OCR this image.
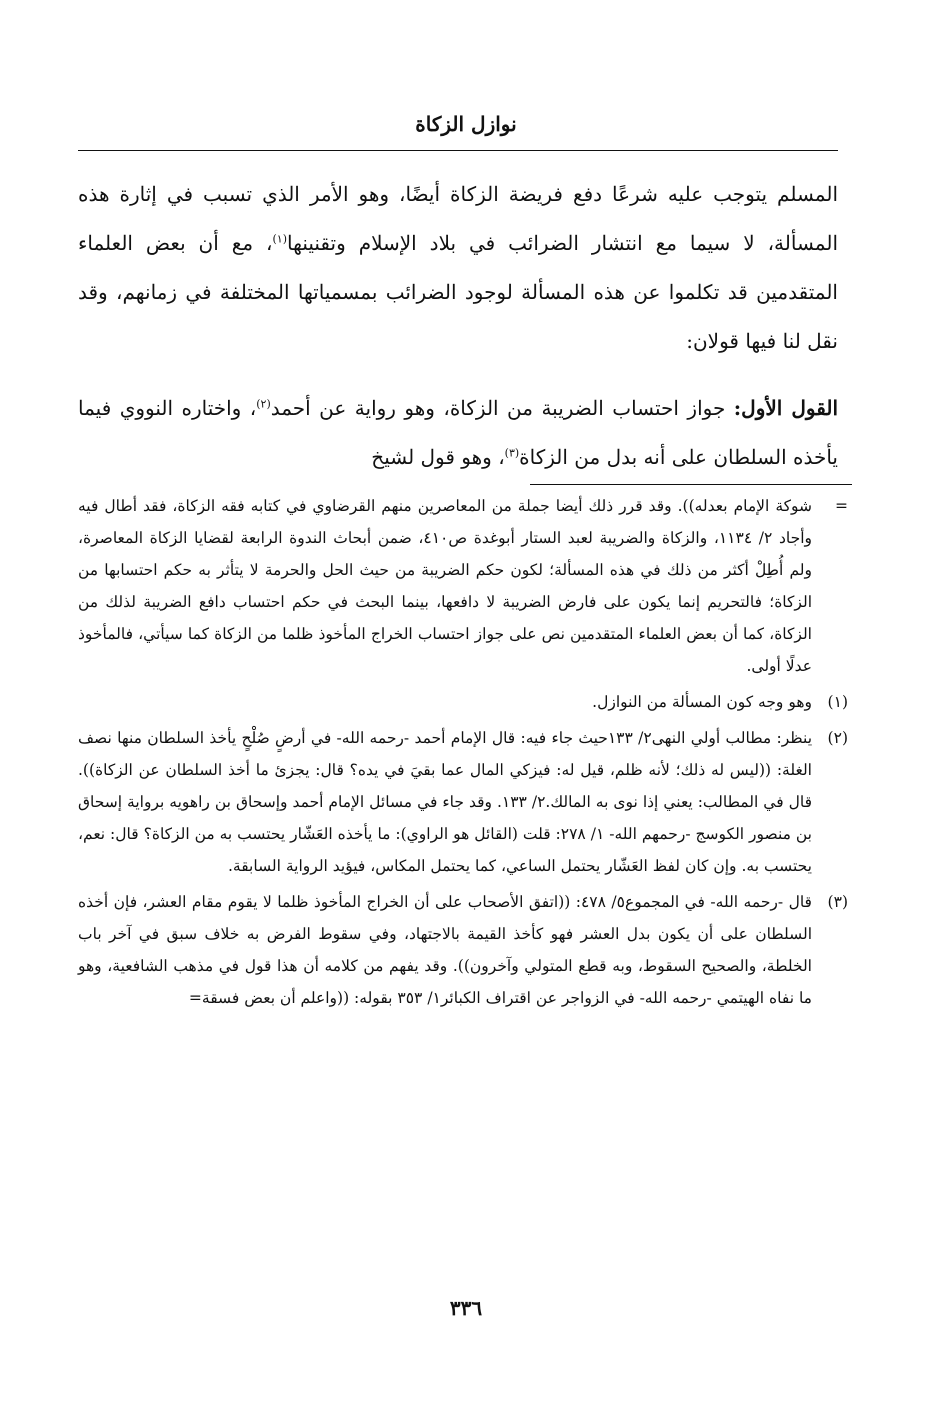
نوازل الزكاة

المسلم يتوجب عليه شرعًا دفع فريضة الزكاة أيضًا، وهو الأمر الذي تسبب في إثارة هذه المسألة، لا سيما مع انتشار الضرائب في بلاد الإسلام وتقنينها$^{(١)}$، مع أن بعض العلماء المتقدمين قد تكلموا عن هذه المسألة لوجود الضرائب بمسمياتها المختلفة في زمانهم، وقد نقل لنا فيها قولان:

القول الأول: جواز احتساب الضريبة من الزكاة، وهو رواية عن أحمد$^{(٢)}$، واختاره النووي فيما يأخذه السلطان على أنه بدل من الزكاة$^{(٣)}$، وهو قول لشيخ

=
شوكة الإمام بعدله)). وقد قرر ذلك أيضا جملة من المعاصرين منهم القرضاوي في كتابه فقه الزكاة، فقد أطال فيه وأجاد ٢/ ١١٣٤، والزكاة والضريبة لعبد الستار أبوغدة ص٤١٠، ضمن أبحاث الندوة الرابعة لقضايا الزكاة المعاصرة، ولم أُطِلْ أكثر من ذلك في هذه المسألة؛ لكون حكم الضريبة من حيث الحل والحرمة لا يتأثر به حكم احتسابها من الزكاة؛ فالتحريم إنما يكون على فارض الضريبة لا دافعها، بينما البحث في حكم احتساب دافع الضريبة لذلك من الزكاة، كما أن بعض العلماء المتقدمين نص على جواز احتساب الخراج المأخوذ ظلما من الزكاة كما سيأتي، فالمأخوذ عدلًا أولى.
(١)
وهو وجه كون المسألة من النوازل.
(٢)
ينظر: مطالب أولي النهى٢/ ١٣٣حيث جاء فيه: قال الإمام أحمد -رحمه الله- في أرضٍ صُلْحٍ يأخذ السلطان منها نصف الغلة: ((ليس له ذلك؛ لأنه ظلم، قيل له: فيزكي المال عما بقيَ في يده؟ قال: يجزئ ما أخذ السلطان عن الزكاة)). قال في المطالب: يعني إذا نوى به المالك.٢/ ١٣٣. وقد جاء في مسائل الإمام أحمد وإسحاق بن راهويه برواية إسحاق بن منصور الكوسج -رحمهم الله- ١/ ٢٧٨: قلت (القائل هو الراوي): ما يأخذه العَشّار يحتسب به من الزكاة؟ قال: نعم، يحتسب به. وإن كان لفظ العَشّار يحتمل الساعي، كما يحتمل المكاس، فيؤيد الرواية السابقة.
(٣)
قال -رحمه الله- في المجموع٥/ ٤٧٨: ((اتفق الأصحاب على أن الخراج المأخوذ ظلما لا يقوم مقام العشر، فإن أخذه السلطان على أن يكون بدل العشر فهو كأخذ القيمة بالاجتهاد، وفي سقوط الفرض به خلاف سبق في آخر باب الخلطة، والصحيح السقوط، وبه قطع المتولي وآخرون)). وقد يفهم من كلامه أن هذا قول في مذهب الشافعية، وهو ما نفاه الهيتمي -رحمه الله- في الزواجر عن اقتراف الكبائر١/ ٣٥٣ بقوله: ((واعلم أن بعض فسقة=
٣٣٦
